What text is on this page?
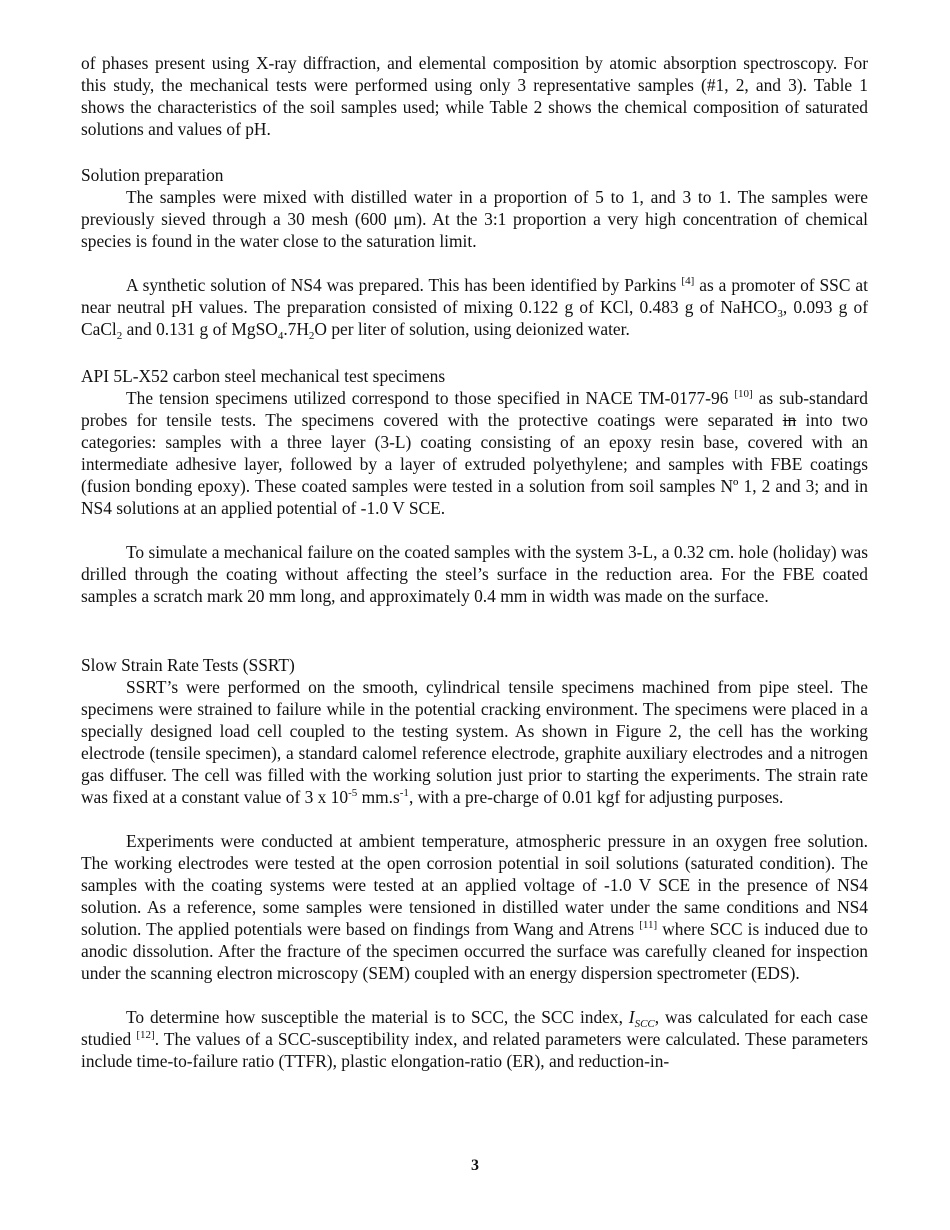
of phases present using X-ray diffraction, and elemental composition by atomic absorption spectroscopy. For this study, the mechanical tests were performed using only 3 representative samples (#1, 2, and 3). Table 1 shows the characteristics of the soil samples used; while Table 2 shows the chemical composition of saturated solutions and values of pH.

Solution preparation

The samples were mixed with distilled water in a proportion of 5 to 1, and 3 to 1. The samples were previously sieved through a 30 mesh (600 μm). At the 3:1 proportion a very high concentration of chemical species is found in the water close to the saturation limit.

A synthetic solution of NS4 was prepared. This has been identified by Parkins [4] as a promoter of SSC at near neutral pH values. The preparation consisted of mixing 0.122 g of KCl, 0.483 g of NaHCO$_3$, 0.093 g of CaCl$_2$ and 0.131 g of $MgSO_4.7H_2O$ per liter of solution, using deionized water.

API 5L-X52 carbon steel mechanical test specimens

The tension specimens utilized correspond to those specified in NACE TM-0177-96 [10] as sub-standard probes for tensile tests. The specimens covered with the protective coatings were separated in into two categories: samples with a three layer (3-L) coating consisting of an epoxy resin base, covered with an intermediate adhesive layer, followed by a layer of extruded polyethylene; and samples with FBE coatings (fusion bonding epoxy). These coated samples were tested in a solution from soil samples Nº 1, 2 and 3; and in NS4 solutions at an applied potential of -1.0 V SCE.

To simulate a mechanical failure on the coated samples with the system 3-L, a 0.32 cm. hole (holiday) was drilled through the coating without affecting the steel’s surface in the reduction area. For the FBE coated samples a scratch mark 20 mm long, and approximately 0.4 mm in width was made on the surface.

Slow Strain Rate Tests (SSRT)

SSRT’s were performed on the smooth, cylindrical tensile specimens machined from pipe steel. The specimens were strained to failure while in the potential cracking environment. The specimens were placed in a specially designed load cell coupled to the testing system. As shown in Figure 2, the cell has the working electrode (tensile specimen), a standard calomel reference electrode, graphite auxiliary electrodes and a nitrogen gas diffuser. The cell was filled with the working solution just prior to starting the experiments. The strain rate was fixed at a constant value of 3 x $10^{-5}$ $mm.s^{-1}$, with a pre-charge of 0.01 kgf for adjusting purposes.

Experiments were conducted at ambient temperature, atmospheric pressure in an oxygen free solution. The working electrodes were tested at the open corrosion potential in soil solutions (saturated condition). The samples with the coating systems were tested at an applied voltage of -1.0 V SCE in the presence of NS4 solution. As a reference, some samples were tensioned in distilled water under the same conditions and NS4 solution. The applied potentials were based on findings from Wang and Atrens [11] where SCC is induced due to anodic dissolution. After the fracture of the specimen occurred the surface was carefully cleaned for inspection under the scanning electron microscopy (SEM) coupled with an energy dispersion spectrometer (EDS).

To determine how susceptible the material is to SCC, the SCC index, $I_{SCC}$, was calculated for each case studied [12]. The values of a SCC-susceptibility index, and related parameters were calculated. These parameters include time-to-failure ratio (TTFR), plastic elongation-ratio (ER), and reduction-in-

3
